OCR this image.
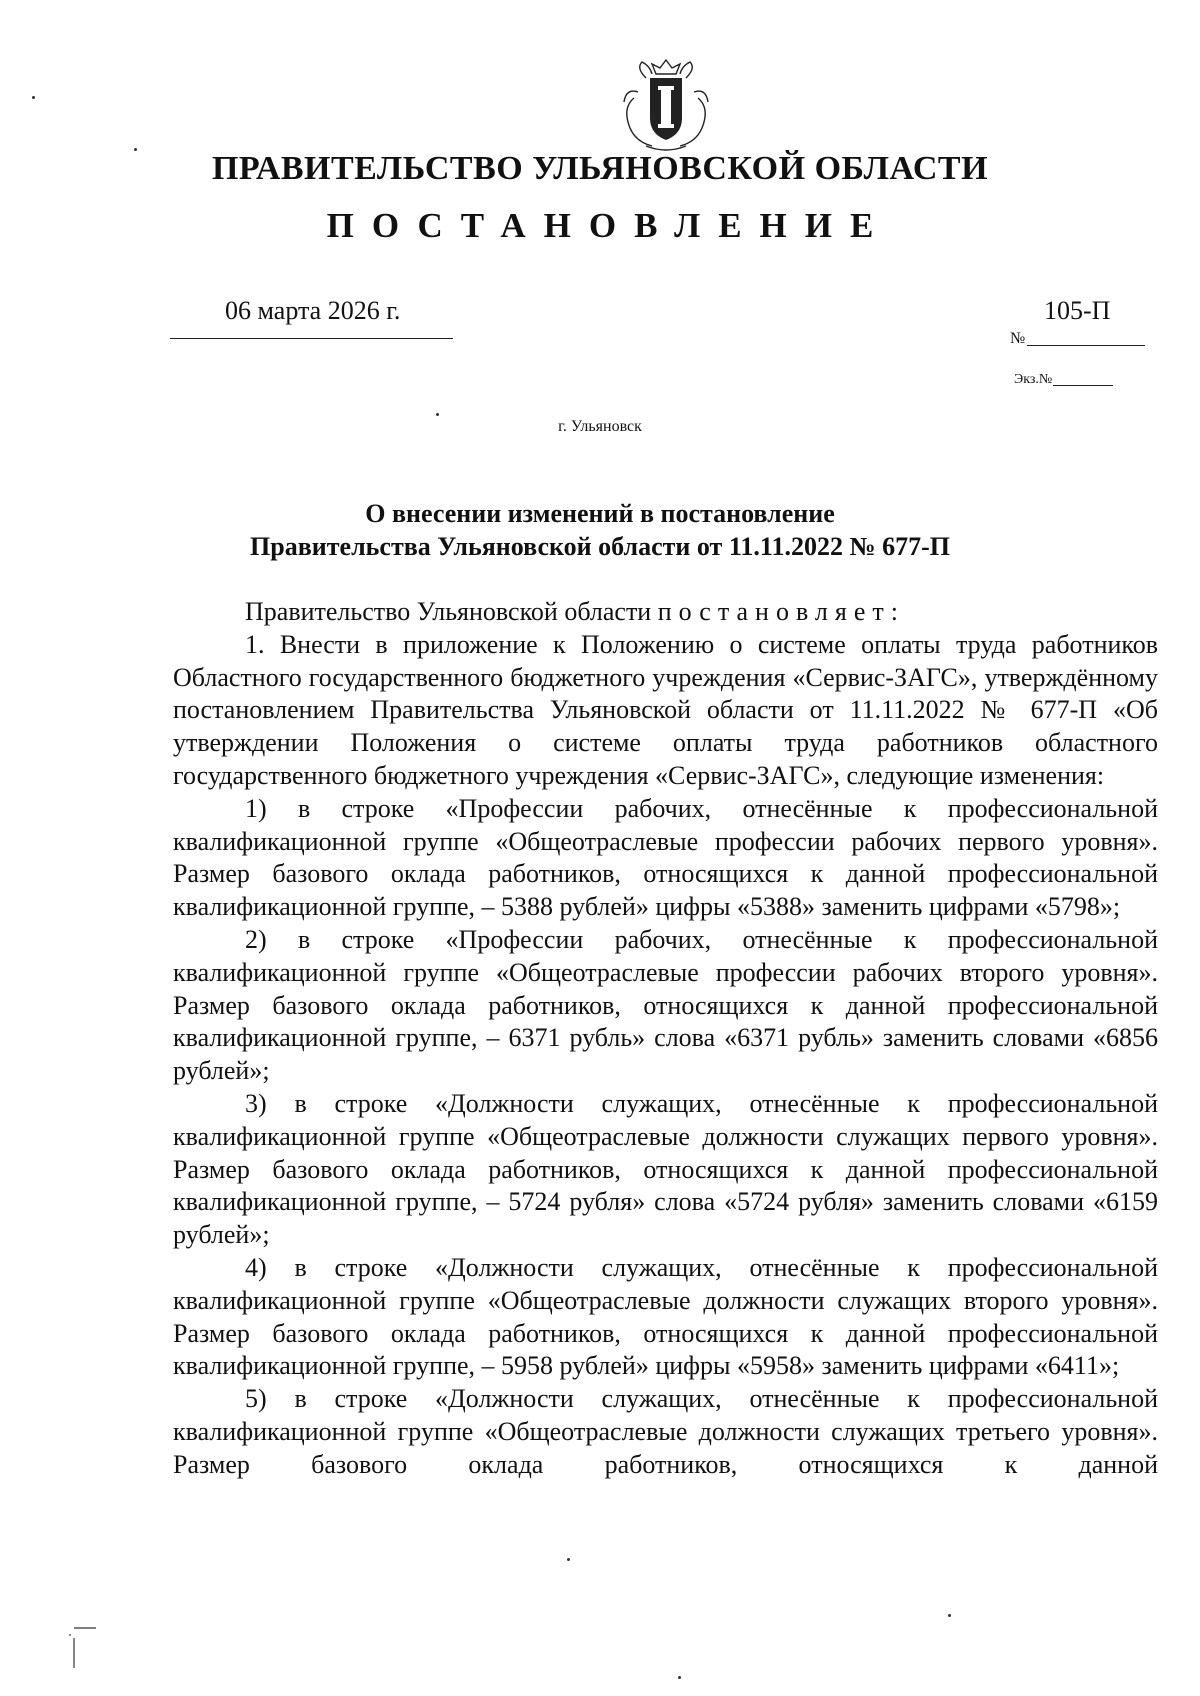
ПРАВИТЕЛЬСТВО УЛЬЯНОВСКОЙ ОБЛАСТИ
ПОСТАНОВЛЕНИЕ
06 марта 2026 г.	105-П
№
Экз.№
г. Ульяновск
О внесении изменений в постановление
Правительства Ульяновской области от 11.11.2022 № 677-П

Правительство Ульяновской области постановляет:

1. Внести в приложение к Положению о системе оплаты труда работников Областного государственного бюджетного учреждения «Сервис-ЗАГС», утверждённому постановлением Правительства Ульяновской области от 11.11.2022 № 677-П «Об утверждении Положения о системе оплаты труда работников областного государственного бюджетного учреждения «Сервис-ЗАГС», следующие изменения:

1) в строке «Профессии рабочих, отнесённые к профессиональной квалификационной группе «Общеотраслевые профессии рабочих первого уровня». Размер базового оклада работников, относящихся к данной профессиональной квалификационной группе, – 5388 рублей» цифры «5388» заменить цифрами «5798»;

2) в строке «Профессии рабочих, отнесённые к профессиональной квалификационной группе «Общеотраслевые профессии рабочих второго уровня». Размер базового оклада работников, относящихся к данной профессиональной квалификационной группе, – 6371 рубль» слова «6371 рубль» заменить словами «6856 рублей»;

3) в строке «Должности служащих, отнесённые к профессиональной квалификационной группе «Общеотраслевые должности служащих первого уровня». Размер базового оклада работников, относящихся к данной профессиональной квалификационной группе, – 5724 рубля» слова «5724 рубля» заменить словами «6159 рублей»;

4) в строке «Должности служащих, отнесённые к профессиональной квалификационной группе «Общеотраслевые должности служащих второго уровня». Размер базового оклада работников, относящихся к данной профессиональной квалификационной группе, – 5958 рублей» цифры «5958» заменить цифрами «6411»;

5) в строке «Должности служащих, отнесённые к профессиональной квалификационной группе «Общеотраслевые должности служащих третьего уровня». Размер базового оклада работников, относящихся к данной
